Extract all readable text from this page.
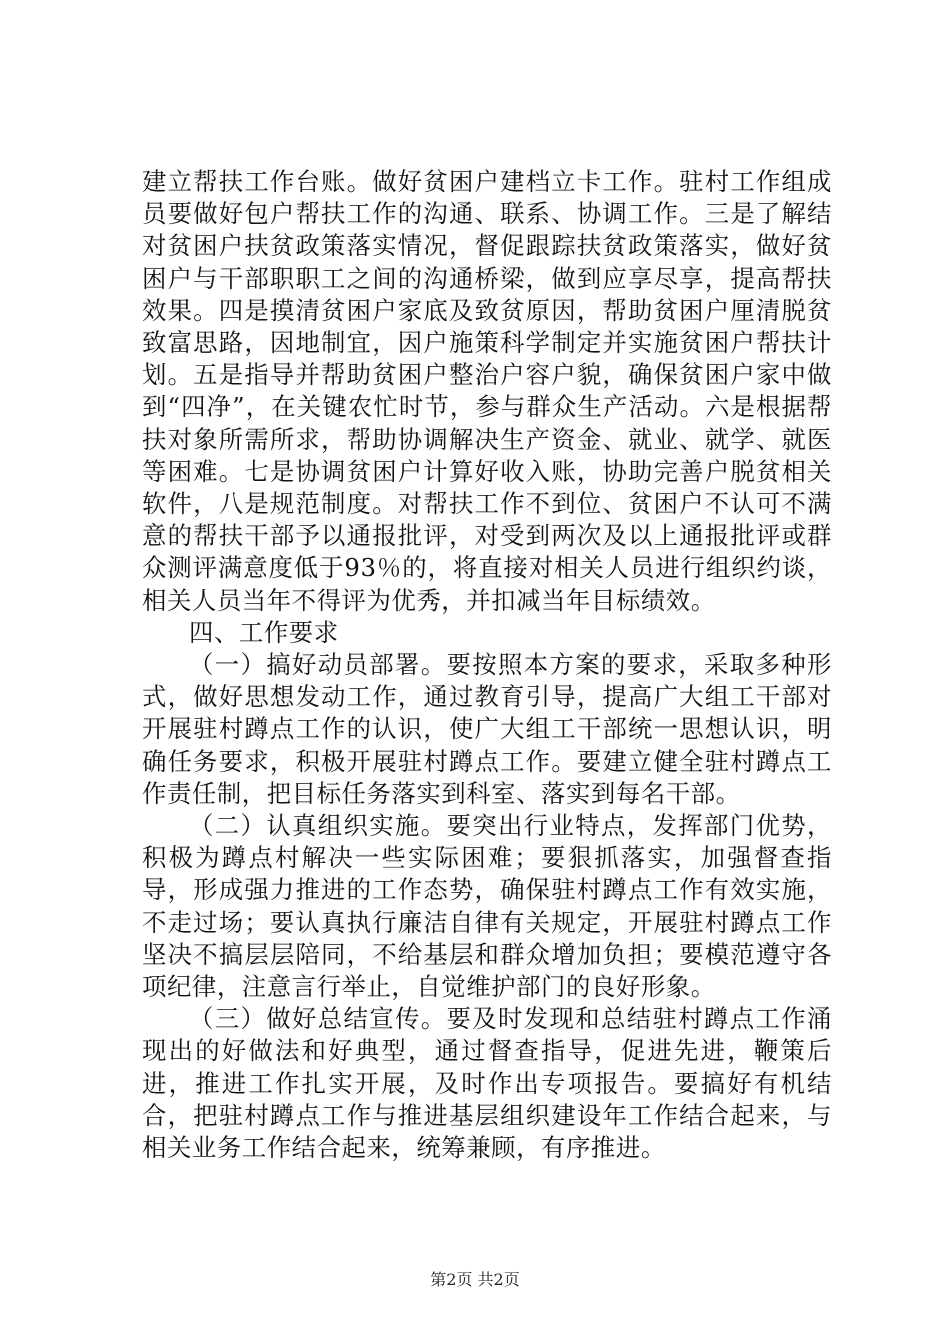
建立帮扶工作台账。做好贫困户建档立卡工作。驻村工作组成员要做好包户帮扶工作的沟通、联系、协调工作。三是了解结对贫困户扶贫政策落实情况，督促跟踪扶贫政策落实，做好贫困户与干部职职工之间的沟通桥梁，做到应享尽享，提高帮扶效果。四是摸清贫困户家底及致贫原因，帮助贫困户厘清脱贫致富思路，因地制宜，因户施策科学制定并实施贫困户帮扶计划。五是指导并帮助贫困户整治户容户貌，确保贫困户家中做到“四净”，在关键农忙时节，参与群众生产活动。六是根据帮扶对象所需所求，帮助协调解决生产资金、就业、就学、就医等困难。七是协调贫困户计算好收入账，协助完善户脱贫相关软件，八是规范制度。对帮扶工作不到位、贫困户不认可不满意的帮扶干部予以通报批评，对受到两次及以上通报批评或群众测评满意度低于93％的，将直接对相关人员进行组织约谈，相关人员当年不得评为优秀，并扣减当年目标绩效。

四、工作要求

（一）搞好动员部署。要按照本方案的要求，采取多种形式，做好思想发动工作，通过教育引导，提高广大组工干部对开展驻村蹲点工作的认识，使广大组工干部统一思想认识，明确任务要求，积极开展驻村蹲点工作。要建立健全驻村蹲点工作责任制，把目标任务落实到科室、落实到每名干部。

（二）认真组织实施。要突出行业特点，发挥部门优势，积极为蹲点村解决一些实际困难；要狠抓落实，加强督查指导，形成强力推进的工作态势，确保驻村蹲点工作有效实施，不走过场；要认真执行廉洁自律有关规定，开展驻村蹲点工作坚决不搞层层陪同，不给基层和群众增加负担；要模范遵守各项纪律，注意言行举止，自觉维护部门的良好形象。

（三）做好总结宣传。要及时发现和总结驻村蹲点工作涌现出的好做法和好典型，通过督查指导，促进先进，鞭策后进，推进工作扎实开展，及时作出专项报告。要搞好有机结合，把驻村蹲点工作与推进基层组织建设年工作结合起来，与相关业务工作结合起来，统筹兼顾，有序推进。

第2页 共2页
